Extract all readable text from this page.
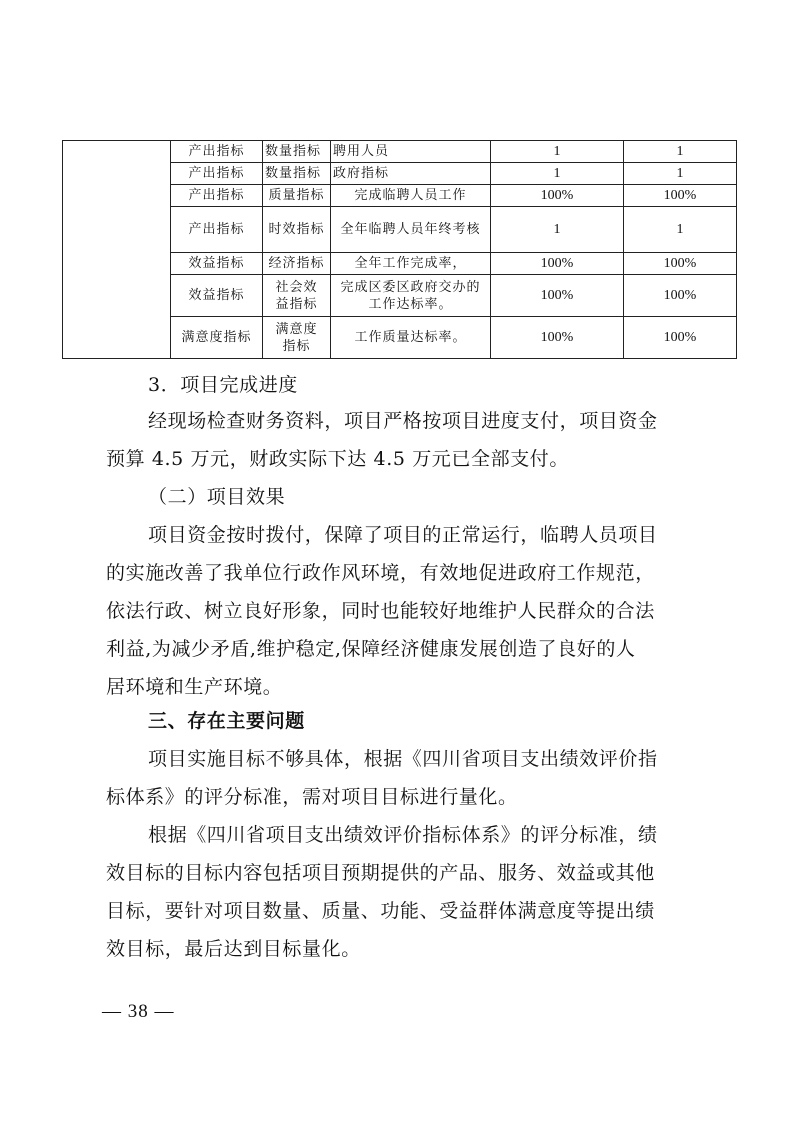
	产出指标	数量指标	聘用人员	1	1
	产出指标	数量指标	政府指标	1	1
	产出指标	质量指标	完成临聘人员工作	100%	100%
	产出指标	时效指标	全年临聘人员年终考核	1	1
	效益指标	经济指标	全年工作完成率，	100%	100%
	效益指标	社会效益指标	完成区委区政府交办的工作达标率。	100%	100%
	满意度指标	满意度指标	工作质量达标率。	100%	100%

3．项目完成进度

经现场检查财务资料，项目严格按项目进度支付，项目资金

预算 4.5 万元，财政实际下达 4.5 万元已全部支付。

（二）项目效果

项目资金按时拨付，保障了项目的正常运行，临聘人员项目

的实施改善了我单位行政作风环境，有效地促进政府工作规范，

依法行政、树立良好形象，同时也能较好地维护人民群众的合法

利益,为减少矛盾,维护稳定,保障经济健康发展创造了良好的人

居环境和生产环境。

三、存在主要问题

项目实施目标不够具体，根据《四川省项目支出绩效评价指

标体系》的评分标准，需对项目目标进行量化。

根据《四川省项目支出绩效评价指标体系》的评分标准，绩

效目标的目标内容包括项目预期提供的产品、服务、效益或其他

目标，要针对项目数量、质量、功能、受益群体满意度等提出绩

效目标，最后达到目标量化。

— 38 —
